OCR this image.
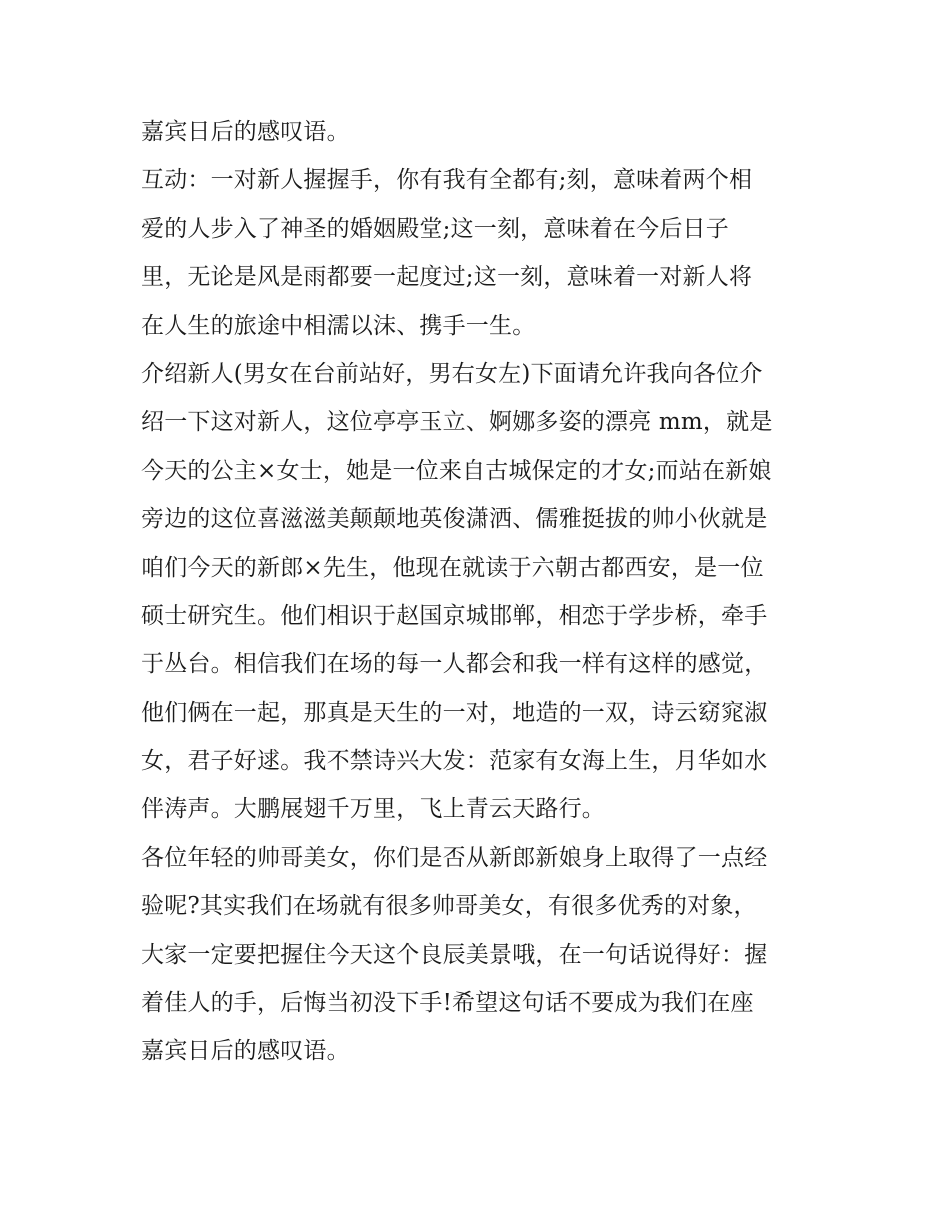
嘉宾日后的感叹语。
互动：一对新人握握手，你有我有全都有;刻，意味着两个相
爱的人步入了神圣的婚姻殿堂;这一刻，意味着在今后日子
里，无论是风是雨都要一起度过;这一刻，意味着一对新人将
在人生的旅途中相濡以沫、携手一生。
介绍新人(男女在台前站好，男右女左)下面请允许我向各位介
绍一下这对新人，这位亭亭玉立、婀娜多姿的漂亮 mm，就是
今天的公主×女士，她是一位来自古城保定的才女;而站在新娘
旁边的这位喜滋滋美颠颠地英俊潇洒、儒雅挺拔的帅小伙就是
咱们今天的新郎×先生，他现在就读于六朝古都西安，是一位
硕士研究生。他们相识于赵国京城邯郸，相恋于学步桥，牵手
于丛台。相信我们在场的每一人都会和我一样有这样的感觉，
他们俩在一起，那真是天生的一对，地造的一双，诗云窈窕淑
女，君子好逑。我不禁诗兴大发：范家有女海上生，月华如水
伴涛声。大鹏展翅千万里，飞上青云天路行。
各位年轻的帅哥美女，你们是否从新郎新娘身上取得了一点经
验呢?其实我们在场就有很多帅哥美女，有很多优秀的对象，
大家一定要把握住今天这个良辰美景哦，在一句话说得好：握
着佳人的手，后悔当初没下手!希望这句话不要成为我们在座
嘉宾日后的感叹语。
